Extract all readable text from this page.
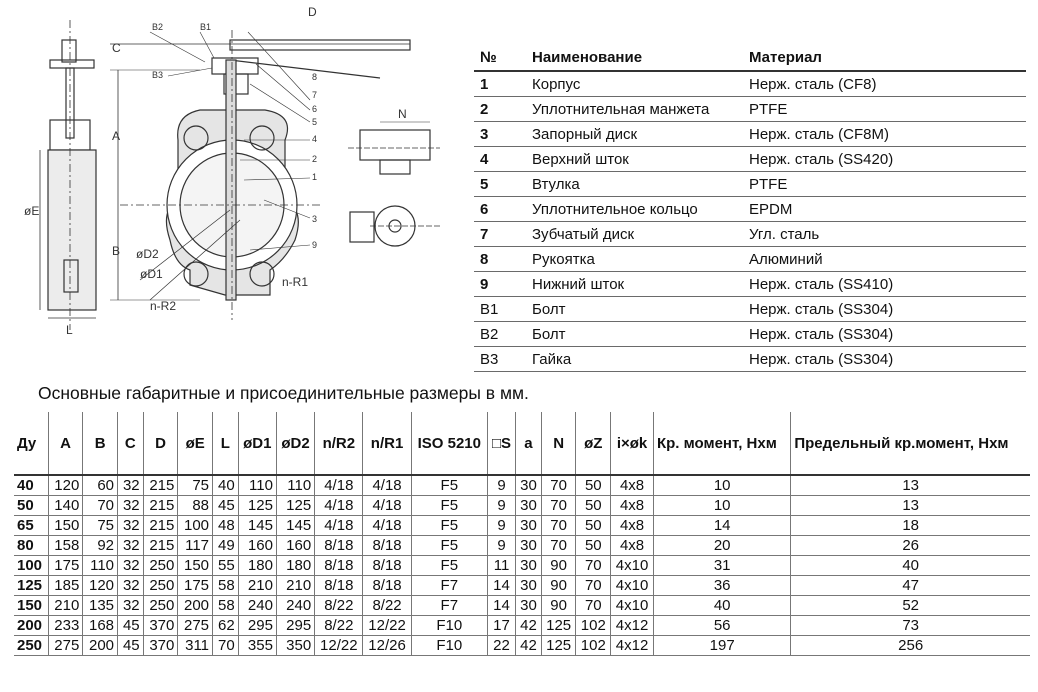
D
C
A
B
øE
L
øD2
øD1
n-R2
n-R1
N
B1
B2
B3
1
2
3
4
5
6
7
8
9
№	Наименование	Материал
1	Корпус	Нерж. сталь (CF8)
2	Уплотнительная манжета	PTFE
3	Запорный диск	Нерж. сталь (CF8M)
4	Верхний шток	Нерж. сталь (SS420)
5	Втулка	PTFE
6	Уплотнительное кольцо	EPDM
7	Зубчатый диск	Угл. сталь
8	Рукоятка	Алюминий
9	Нижний шток	Нерж. сталь (SS410)
B1	Болт	Нерж. сталь (SS304)
B2	Болт	Нерж. сталь (SS304)
B3	Гайка	Нерж. сталь (SS304)
Основные габаритные и присоединительные размеры в мм.
Ду	A	B	C	D	øE	L	øD1	øD2	n/R2	n/R1	ISO 5210	□S	a	N	øZ	i×øk	Кр. момент, Нхм	Предельный кр.момент, Нхм
40	120	60	32	215	75	40	110	110	4/18	4/18	F5	9	30	70	50	4x8	10	13
50	140	70	32	215	88	45	125	125	4/18	4/18	F5	9	30	70	50	4x8	10	13
65	150	75	32	215	100	48	145	145	4/18	4/18	F5	9	30	70	50	4x8	14	18
80	158	92	32	215	117	49	160	160	8/18	8/18	F5	9	30	70	50	4x8	20	26
100	175	110	32	250	150	55	180	180	8/18	8/18	F5	11	30	90	70	4x10	31	40
125	185	120	32	250	175	58	210	210	8/18	8/18	F7	14	30	90	70	4x10	36	47
150	210	135	32	250	200	58	240	240	8/22	8/22	F7	14	30	90	70	4x10	40	52
200	233	168	45	370	275	62	295	295	8/22	12/22	F10	17	42	125	102	4x12	56	73
250	275	200	45	370	311	70	355	350	12/22	12/26	F10	22	42	125	102	4x12	197	256
